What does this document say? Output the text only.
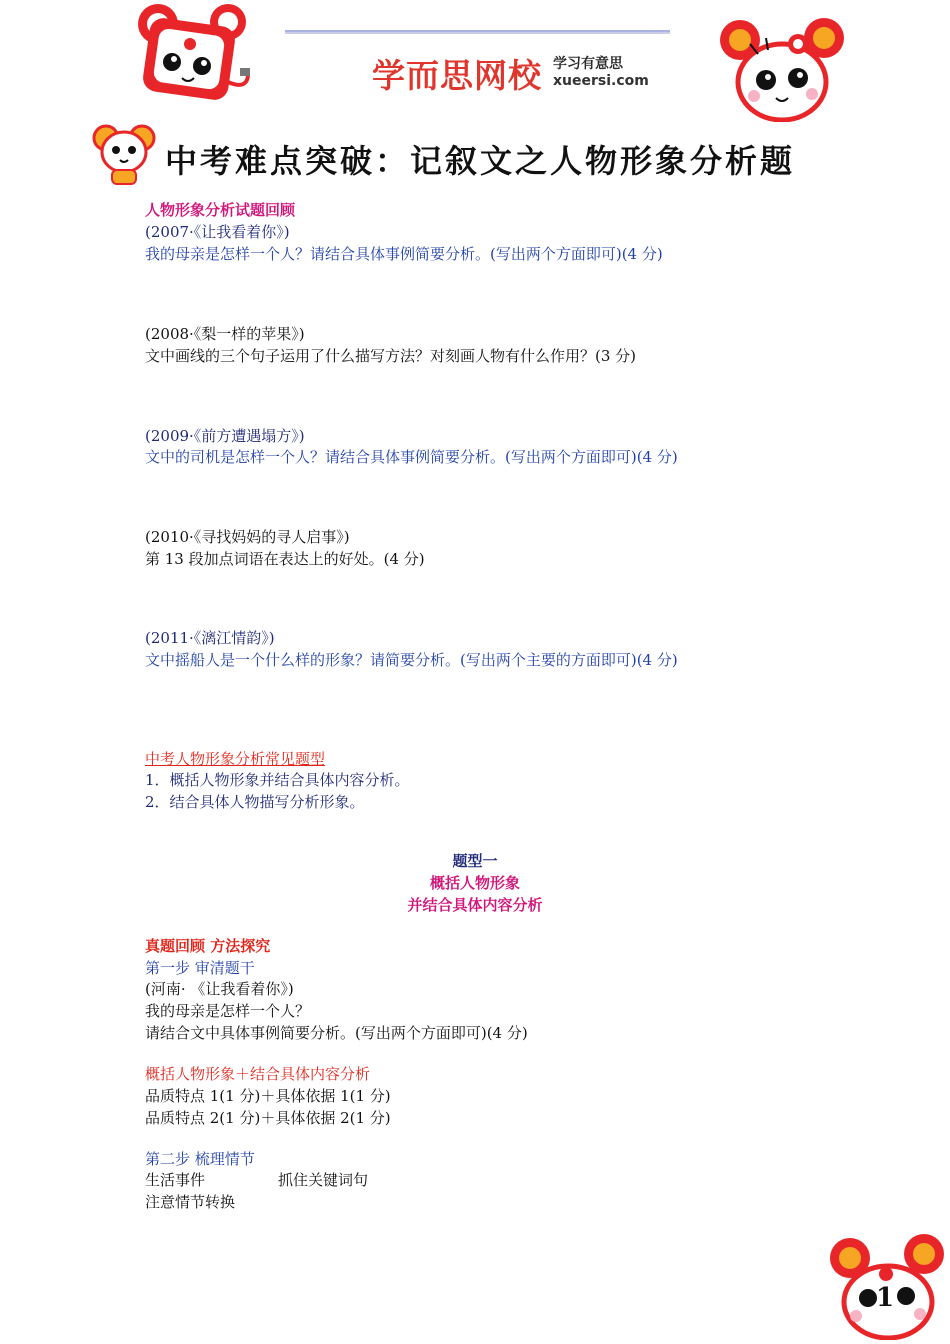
学而思网校 学习有意思
xueersi.com
中考难点突破：记叙文之人物形象分析题
人物形象分析试题回顾
(2007·《让我看着你》)
我的母亲是怎样一个人？请结合具体事例简要分析。(写出两个方面即可)(4 分)
(2008·《梨一样的苹果》)
文中画线的三个句子运用了什么描写方法？对刻画人物有什么作用？(3 分)
(2009·《前方遭遇塌方》)
文中的司机是怎样一个人？请结合具体事例简要分析。(写出两个方面即可)(4 分)
(2010·《寻找妈妈的寻人启事》)
第 13 段加点词语在表达上的好处。(4 分)
(2011·《漓江情韵》)
文中摇船人是一个什么样的形象？请简要分析。(写出两个主要的方面即可)(4 分)
中考人物形象分析常见题型
1．概括人物形象并结合具体内容分析。
2．结合具体人物描写分析形象。
题型一
概括人物形象
并结合具体内容分析
真题回顾 方法探究
第一步 审清题干
(河南· 《让我看着你》)
我的母亲是怎样一个人？
请结合文中具体事例简要分析。(写出两个方面即可)(4 分)
概括人物形象＋结合具体内容分析
品质特点 1(1 分)＋具体依据 1(1 分)
品质特点 2(1 分)＋具体依据 2(1 分)
第二步 梳理情节
生活事件	抓住关键词句
注意情节转换
1
